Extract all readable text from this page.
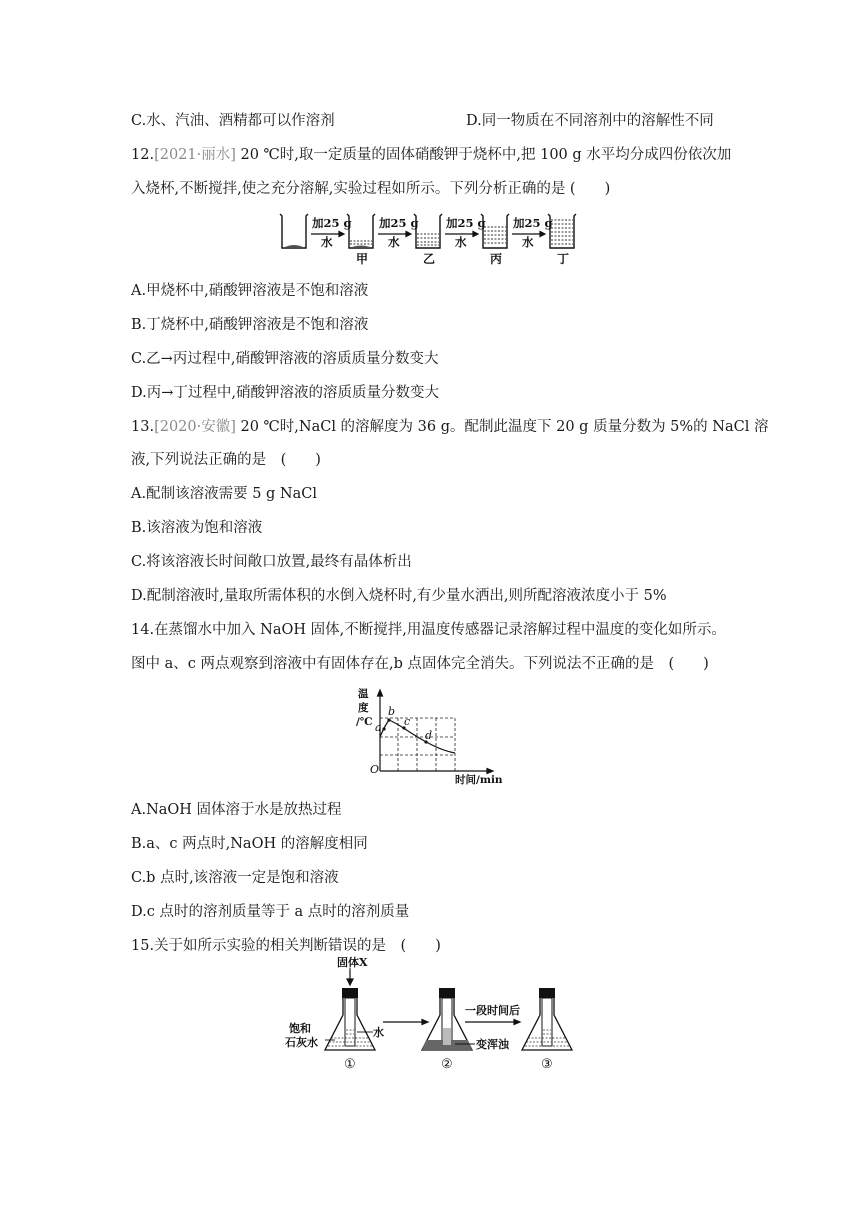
C.水、汽油、酒精都可以作溶剂	D.同一物质在不同溶剂中的溶解性不同
12.[2021·丽水] 20 ℃时,取一定质量的固体硝酸钾于烧杯中,把 100 g 水平均分成四份依次加
入烧杯,不断搅拌,使之充分溶解,实验过程如所示。下列分析正确的是 (　　)
加25 g
水
加25 g
水
加25 g
水
加25 g
水
甲	乙	丙	丁
A.甲烧杯中,硝酸钾溶液是不饱和溶液
B.丁烧杯中,硝酸钾溶液是不饱和溶液
C.乙→丙过程中,硝酸钾溶液的溶质质量分数变大
D.丙→丁过程中,硝酸钾溶液的溶质质量分数变大
13.[2020·安徽] 20 ℃时,NaCl 的溶解度为 36 g。配制此温度下 20 g 质量分数为 5%的 NaCl 溶
液,下列说法正确的是　(　　)
A.配制该溶液需要 5 g NaCl
B.该溶液为饱和溶液
C.将该溶液长时间敞口放置,最终有晶体析出
D.配制溶液时,量取所需体积的水倒入烧杯时,有少量水洒出,则所配溶液浓度小于 5%
14.在蒸馏水中加入 NaOH 固体,不断搅拌,用温度传感器记录溶解过程中温度的变化如所示。
图中 a、c 两点观察到溶液中有固体存在,b 点固体完全消失。下列说法不正确的是　(　　)
温
度
/℃
时间/min
O
a
b
c
d
A.NaOH 固体溶于水是放热过程
B.a、c 两点时,NaOH 的溶解度相同
C.b 点时,该溶液一定是饱和溶液
D.c 点时的溶剂质量等于 a 点时的溶剂质量
15.关于如所示实验的相关判断错误的是　(　　)
固体X
饱和
石灰水
水
一段时间后
变浑浊
①	②	③
